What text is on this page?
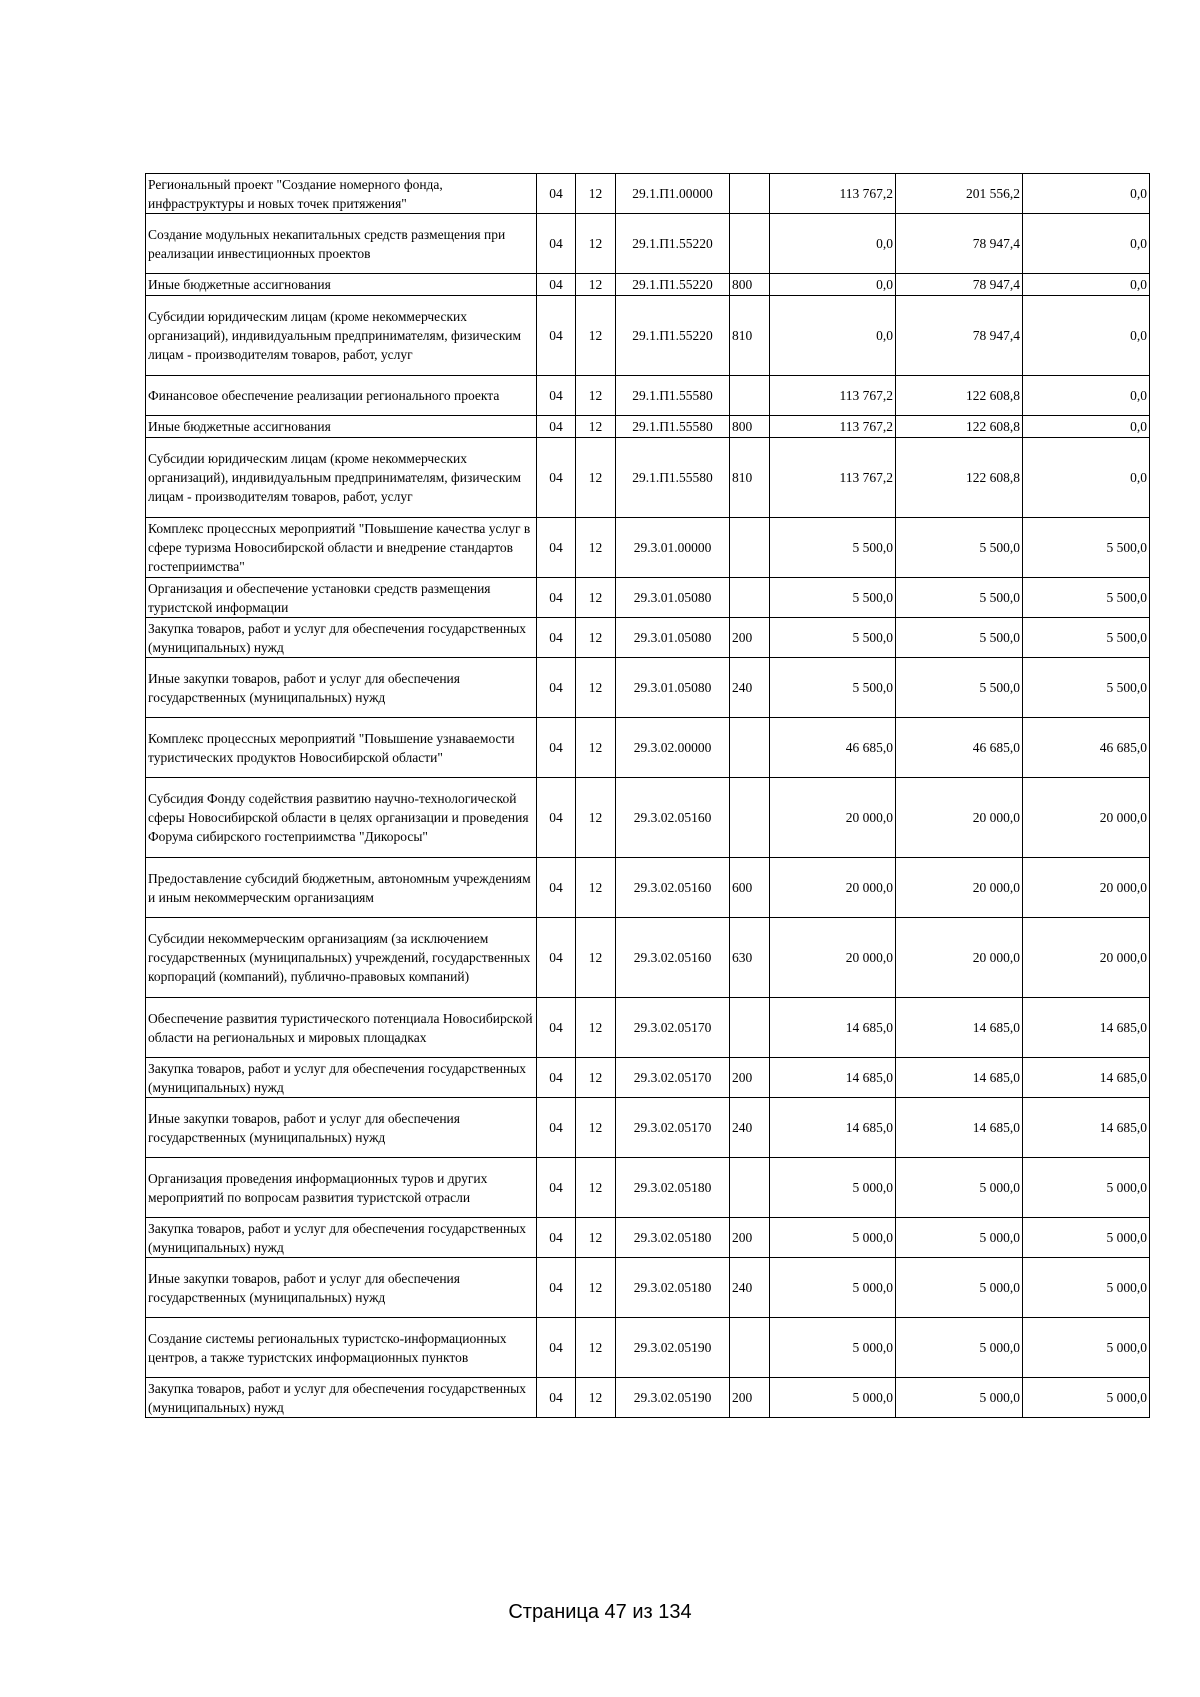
Региональный проект "Создание номерного фонда, инфраструктуры и новых точек притяжения"	04	12	29.1.П1.00000		113 767,2	201 556,2	0,0
Создание модульных некапитальных средств размещения при реализации инвестиционных проектов	04	12	29.1.П1.55220		0,0	78 947,4	0,0
Иные бюджетные ассигнования	04	12	29.1.П1.55220	800	0,0	78 947,4	0,0
Субсидии юридическим лицам (кроме некоммерческих организаций), индивидуальным предпринимателям, физическим лицам - производителям товаров, работ, услуг	04	12	29.1.П1.55220	810	0,0	78 947,4	0,0
Финансовое обеспечение реализации регионального проекта	04	12	29.1.П1.55580		113 767,2	122 608,8	0,0
Иные бюджетные ассигнования	04	12	29.1.П1.55580	800	113 767,2	122 608,8	0,0
Субсидии юридическим лицам (кроме некоммерческих организаций), индивидуальным предпринимателям, физическим лицам - производителям товаров, работ, услуг	04	12	29.1.П1.55580	810	113 767,2	122 608,8	0,0
Комплекс процессных мероприятий "Повышение качества услуг в сфере туризма Новосибирской области и внедрение стандартов гостеприимства"	04	12	29.3.01.00000		5 500,0	5 500,0	5 500,0
Организация и обеспечение установки средств размещения туристской информации	04	12	29.3.01.05080		5 500,0	5 500,0	5 500,0
Закупка товаров, работ и услуг для обеспечения государственных (муниципальных) нужд	04	12	29.3.01.05080	200	5 500,0	5 500,0	5 500,0
Иные закупки товаров, работ и услуг для обеспечения государственных (муниципальных) нужд	04	12	29.3.01.05080	240	5 500,0	5 500,0	5 500,0
Комплекс процессных мероприятий "Повышение узнаваемости туристических продуктов Новосибирской области"	04	12	29.3.02.00000		46 685,0	46 685,0	46 685,0
Субсидия Фонду содействия развитию научно-технологической сферы Новосибирской области в целях организации и проведения Форума сибирского гостеприимства "Дикоросы"	04	12	29.3.02.05160		20 000,0	20 000,0	20 000,0
Предоставление субсидий бюджетным, автономным учреждениям и иным некоммерческим организациям	04	12	29.3.02.05160	600	20 000,0	20 000,0	20 000,0
Субсидии некоммерческим организациям (за исключением государственных (муниципальных) учреждений, государственных корпораций (компаний), публично-правовых компаний)	04	12	29.3.02.05160	630	20 000,0	20 000,0	20 000,0
Обеспечение развития туристического потенциала Новосибирской области на региональных и мировых площадках	04	12	29.3.02.05170		14 685,0	14 685,0	14 685,0
Закупка товаров, работ и услуг для обеспечения государственных (муниципальных) нужд	04	12	29.3.02.05170	200	14 685,0	14 685,0	14 685,0
Иные закупки товаров, работ и услуг для обеспечения государственных (муниципальных) нужд	04	12	29.3.02.05170	240	14 685,0	14 685,0	14 685,0
Организация проведения информационных туров и других мероприятий по вопросам развития туристской отрасли	04	12	29.3.02.05180		5 000,0	5 000,0	5 000,0
Закупка товаров, работ и услуг для обеспечения государственных (муниципальных) нужд	04	12	29.3.02.05180	200	5 000,0	5 000,0	5 000,0
Иные закупки товаров, работ и услуг для обеспечения государственных (муниципальных) нужд	04	12	29.3.02.05180	240	5 000,0	5 000,0	5 000,0
Создание системы региональных туристско-информационных центров, а также туристских информационных пунктов	04	12	29.3.02.05190		5 000,0	5 000,0	5 000,0
Закупка товаров, работ и услуг для обеспечения государственных (муниципальных) нужд	04	12	29.3.02.05190	200	5 000,0	5 000,0	5 000,0
Страница 47 из 134
